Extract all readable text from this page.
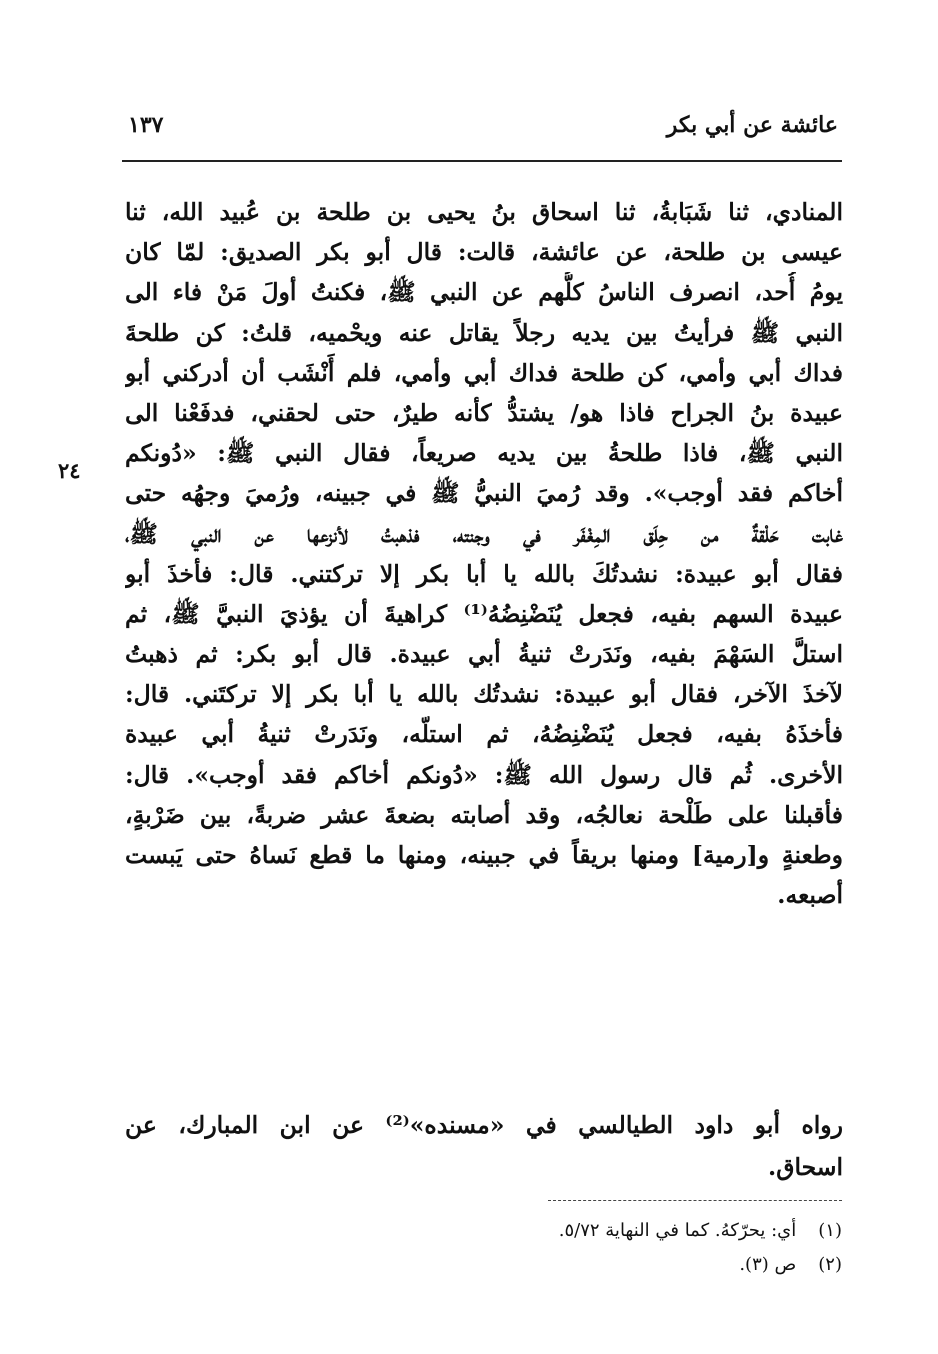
عائشة عن أبي بكر
١٣٧
٢٤
المنادي، ثنا شَبَابةُ، ثنا اسحاق بنُ يحيى بن طلحة بن عُبيد الله، ثنا
عيسى بن طلحة، عن عائشة، قالت: قال أبو بكر الصديق: لمّا كان
يومُ أُحد، انصرف الناسُ كلُّهم عن النبي ﷺ، فكنتُ أولَ مَنْ فاء الى
النبي ﷺ فرأيتُ بين يديه رجلاً يقاتل عنه ويحْميه، قلتُ: كن طلحةَ
فداك أبي وأمي، كن طلحة فداك أبي وأمي، فلم أَنْشَب أن أدركني أبو
عبيدة بنُ الجراح فاذا هو/ يشتدُّ كأنه طيرٌ، حتى لحقني، فدفَعْنا الى
النبي ﷺ، فاذا طلحةُ بين يديه صريعاً، فقال النبي ﷺ: «دُونكم
أخاكم فقد أوجب». وقد رُميَ النبيُّ ﷺ في جبينه، ورُميَ وجهُه حتى
غابت حَلْقةٌ من حِلَق المِغْفَر في وجنته، فذهبتُ لأنزعها عن النبي ﷺ،
فقال أبو عبيدة: نشدتُكَ بالله يا أبا بكر إلا تركتني. قال: فأخذَ أبو
عبيدة السهم بفيه، فجعل يُنَضْنِضُهُ⁽¹⁾ كراهيةَ أن يؤذيَ النبيَّ ﷺ، ثم
استلَّ السَهْمَ بفيه، ونَدَرتْ ثنيةُ أبي عبيدة. قال أبو بكر: ثم ذهبتُ
لآخذَ الآخر، فقال أبو عبيدة: نشدتُك بالله يا أبا بكر إلا تركتَني. قال:
فأخذَهُ بفيه، فجعل يُنَضْنِضُهُ، ثم استلّه، ونَدَرتْ ثنيةُ أبي عبيدة
الأخرى. ثُم قال رسول الله ﷺ: «دُونكم أخاكم فقد أوجب». قال:
فأقبلنا على طَلْحة نعالجُه، وقد أصابته بضعةَ عشر ضربةً، بين ضَرْبةٍ،
وطعنةٍ و[رمية] ومنها بريقاً في جبينه، ومنها ما قطع نَساهُ حتى يَبست
أصبعه.
رواه أبو داود الطيالسي في «مسنده»⁽²⁾ عن ابن المبارك، عن
اسحاق.
(١) أي: يحرّكهُ. كما في النهاية ٥/٧٢.
(٢) ص (٣).
